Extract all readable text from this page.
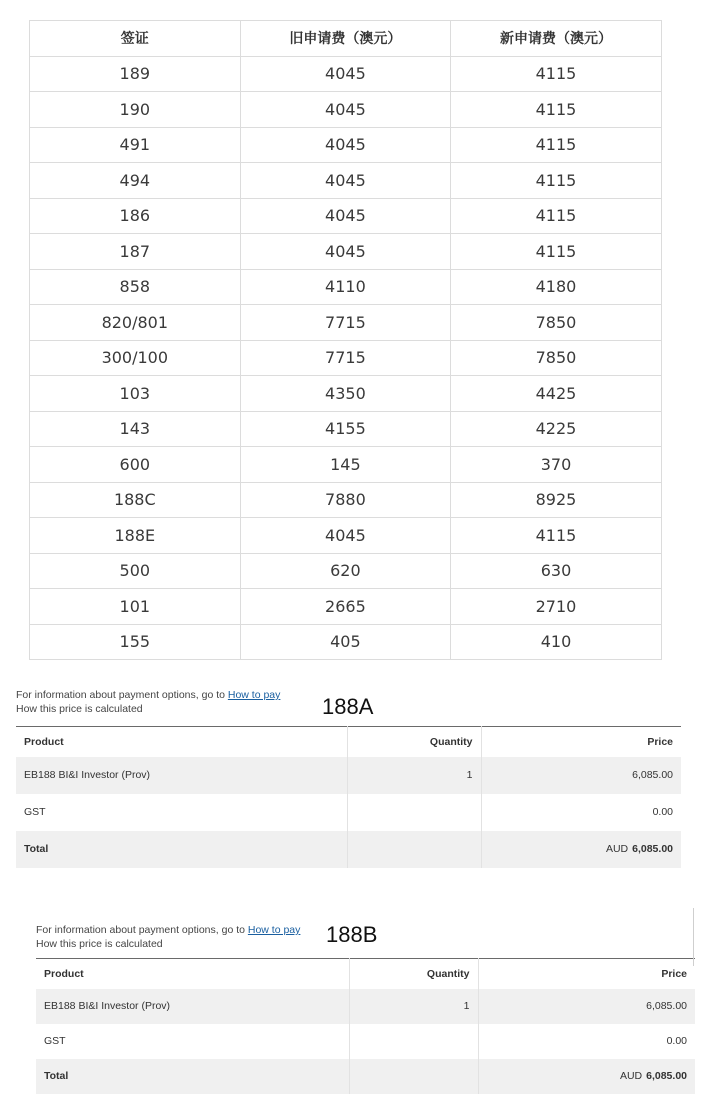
签证	旧申请费（澳元）	新申请费（澳元）
189	4045	4115
190	4045	4115
491	4045	4115
494	4045	4115
186	4045	4115
187	4045	4115
858	4110	4180
820/801	7715	7850
300/100	7715	7850
103	4350	4425
143	4155	4225
600	145	370
188C	7880	8925
188E	4045	4115
500	620	630
101	2665	2710
155	405	410
For information about payment options, go to How to pay
How this price is calculated	188A
Product	Quantity	Price
EB188 BI&I Investor (Prov)	1	6,085.00
GST		0.00
Total		AUD 6,085.00
For information about payment options, go to How to pay
How this price is calculated	188B
Product	Quantity	Price
EB188 BI&I Investor (Prov)	1	6,085.00
GST		0.00
Total		AUD 6,085.00
